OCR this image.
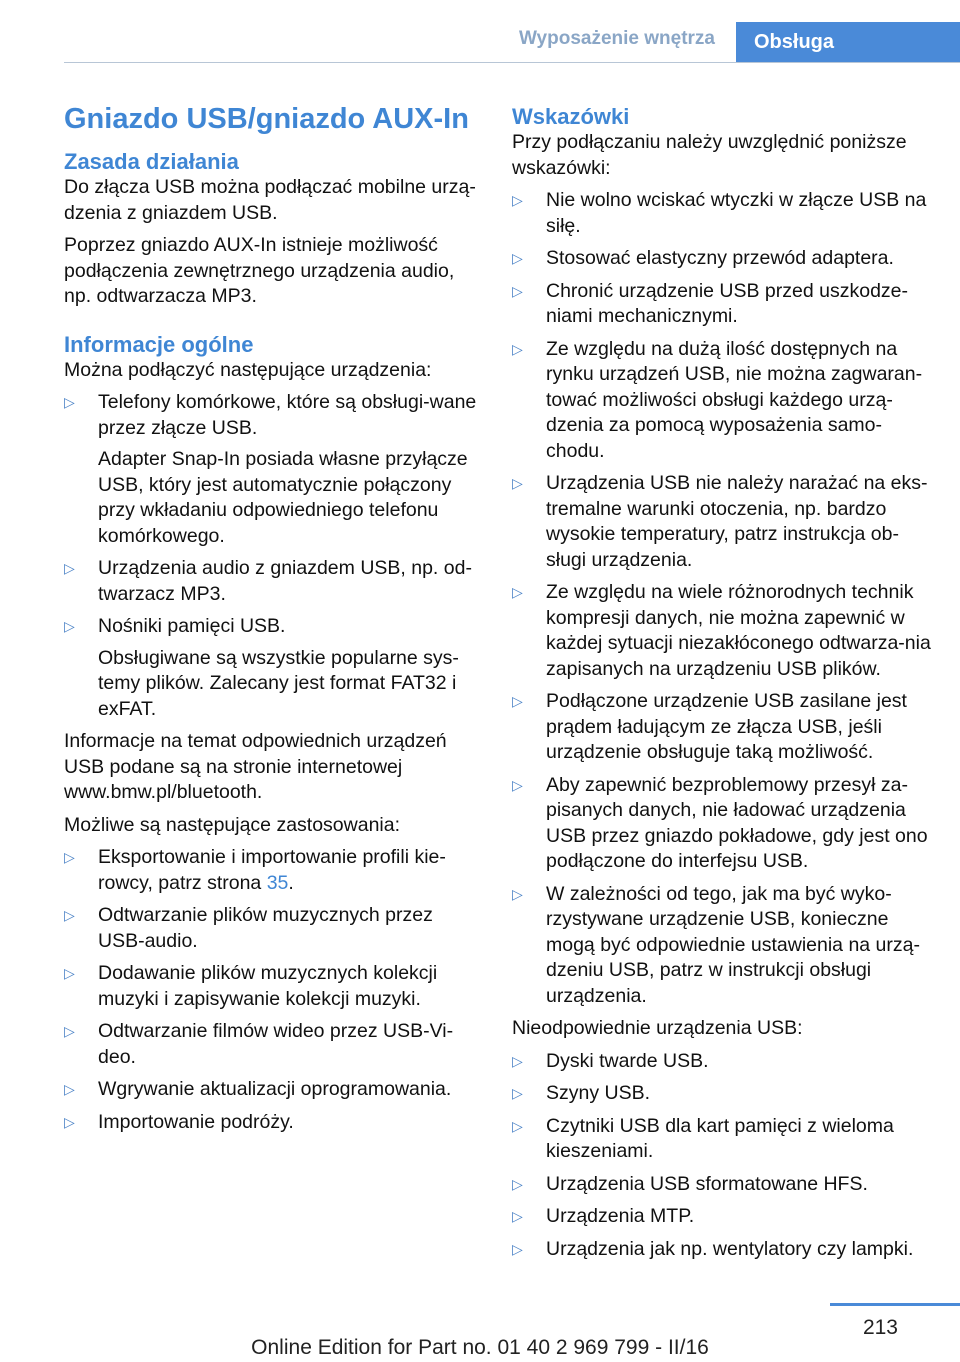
Wyposażenie wnętrza	Obsługa
Gniazdo USB/gniazdo AUX-In
Zasada działania

Do złącza USB można podłączać mobilne urzą‐dzenia z gniazdem USB.

Poprzez gniazdo AUX-In istnieje możliwość podłączenia zewnętrznego urządzenia audio, np. odtwarzacza MP3.

Informacje ogólne

Można podłączyć następujące urządzenia:

▷ Telefony komórkowe, które są obsługi‐wane przez złącze USB.

Adapter Snap-In posiada własne przyłącze USB, który jest automatycznie połączony przy wkładaniu odpowiedniego telefonu komórkowego.

▷ Urządzenia audio z gniazdem USB, np. od‐twarzacz MP3.
▷ Nośniki pamięci USB.

Obsługiwane są wszystkie popularne sys‐temy plików. Zalecany jest format FAT32 i exFAT.

Informacje na temat odpowiednich urządzeń USB podane są na stronie internetowej www.bmw.pl/bluetooth.

Możliwe są następujące zastosowania:

▷ Eksportowanie i importowanie profili kie‐rowcy, patrz strona 35.
▷ Odtwarzanie plików muzycznych przez USB-audio.
▷ Dodawanie plików muzycznych kolekcji muzyki i zapisywanie kolekcji muzyki.
▷ Odtwarzanie filmów wideo przez USB-Vi‐deo.
▷ Wgrywanie aktualizacji oprogramowania.
▷ Importowanie podróży.
Wskazówki

Przy podłączaniu należy uwzględnić poniższe wskazówki:

▷ Nie wolno wciskać wtyczki w złącze USB na siłę.
▷ Stosować elastyczny przewód adaptera.
▷ Chronić urządzenie USB przed uszkodze‐niami mechanicznymi.
▷ Ze względu na dużą ilość dostępnych na rynku urządzeń USB, nie można zagwaran‐tować możliwości obsługi każdego urzą‐dzenia za pomocą wyposażenia samo‐chodu.
▷ Urządzenia USB nie należy narażać na eks‐tremalne warunki otoczenia, np. bardzo wysokie temperatury, patrz instrukcja ob‐sługi urządzenia.
▷ Ze względu na wiele różnorodnych technik kompresji danych, nie można zapewnić w każdej sytuacji niezakłóconego odtwarza‐nia zapisanych na urządzeniu USB plików.
▷ Podłączone urządzenie USB zasilane jest prądem ładującym ze złącza USB, jeśli urządzenie obsługuje taką możliwość.
▷ Aby zapewnić bezproblemowy przesył za‐pisanych danych, nie ładować urządzenia USB przez gniazdo pokładowe, gdy jest ono podłączone do interfejsu USB.
▷ W zależności od tego, jak ma być wyko‐rzystywane urządzenie USB, konieczne mogą być odpowiednie ustawienia na urzą‐dzeniu USB, patrz w instrukcji obsługi urządzenia.

Nieodpowiednie urządzenia USB:

▷ Dyski twarde USB.
▷ Szyny USB.
▷ Czytniki USB dla kart pamięci z wieloma kieszeniami.
▷ Urządzenia USB sformatowane HFS.
▷ Urządzenia MTP.
▷ Urządzenia jak np. wentylatory czy lampki.
213
Online Edition for Part no. 01 40 2 969 799 - II/16
